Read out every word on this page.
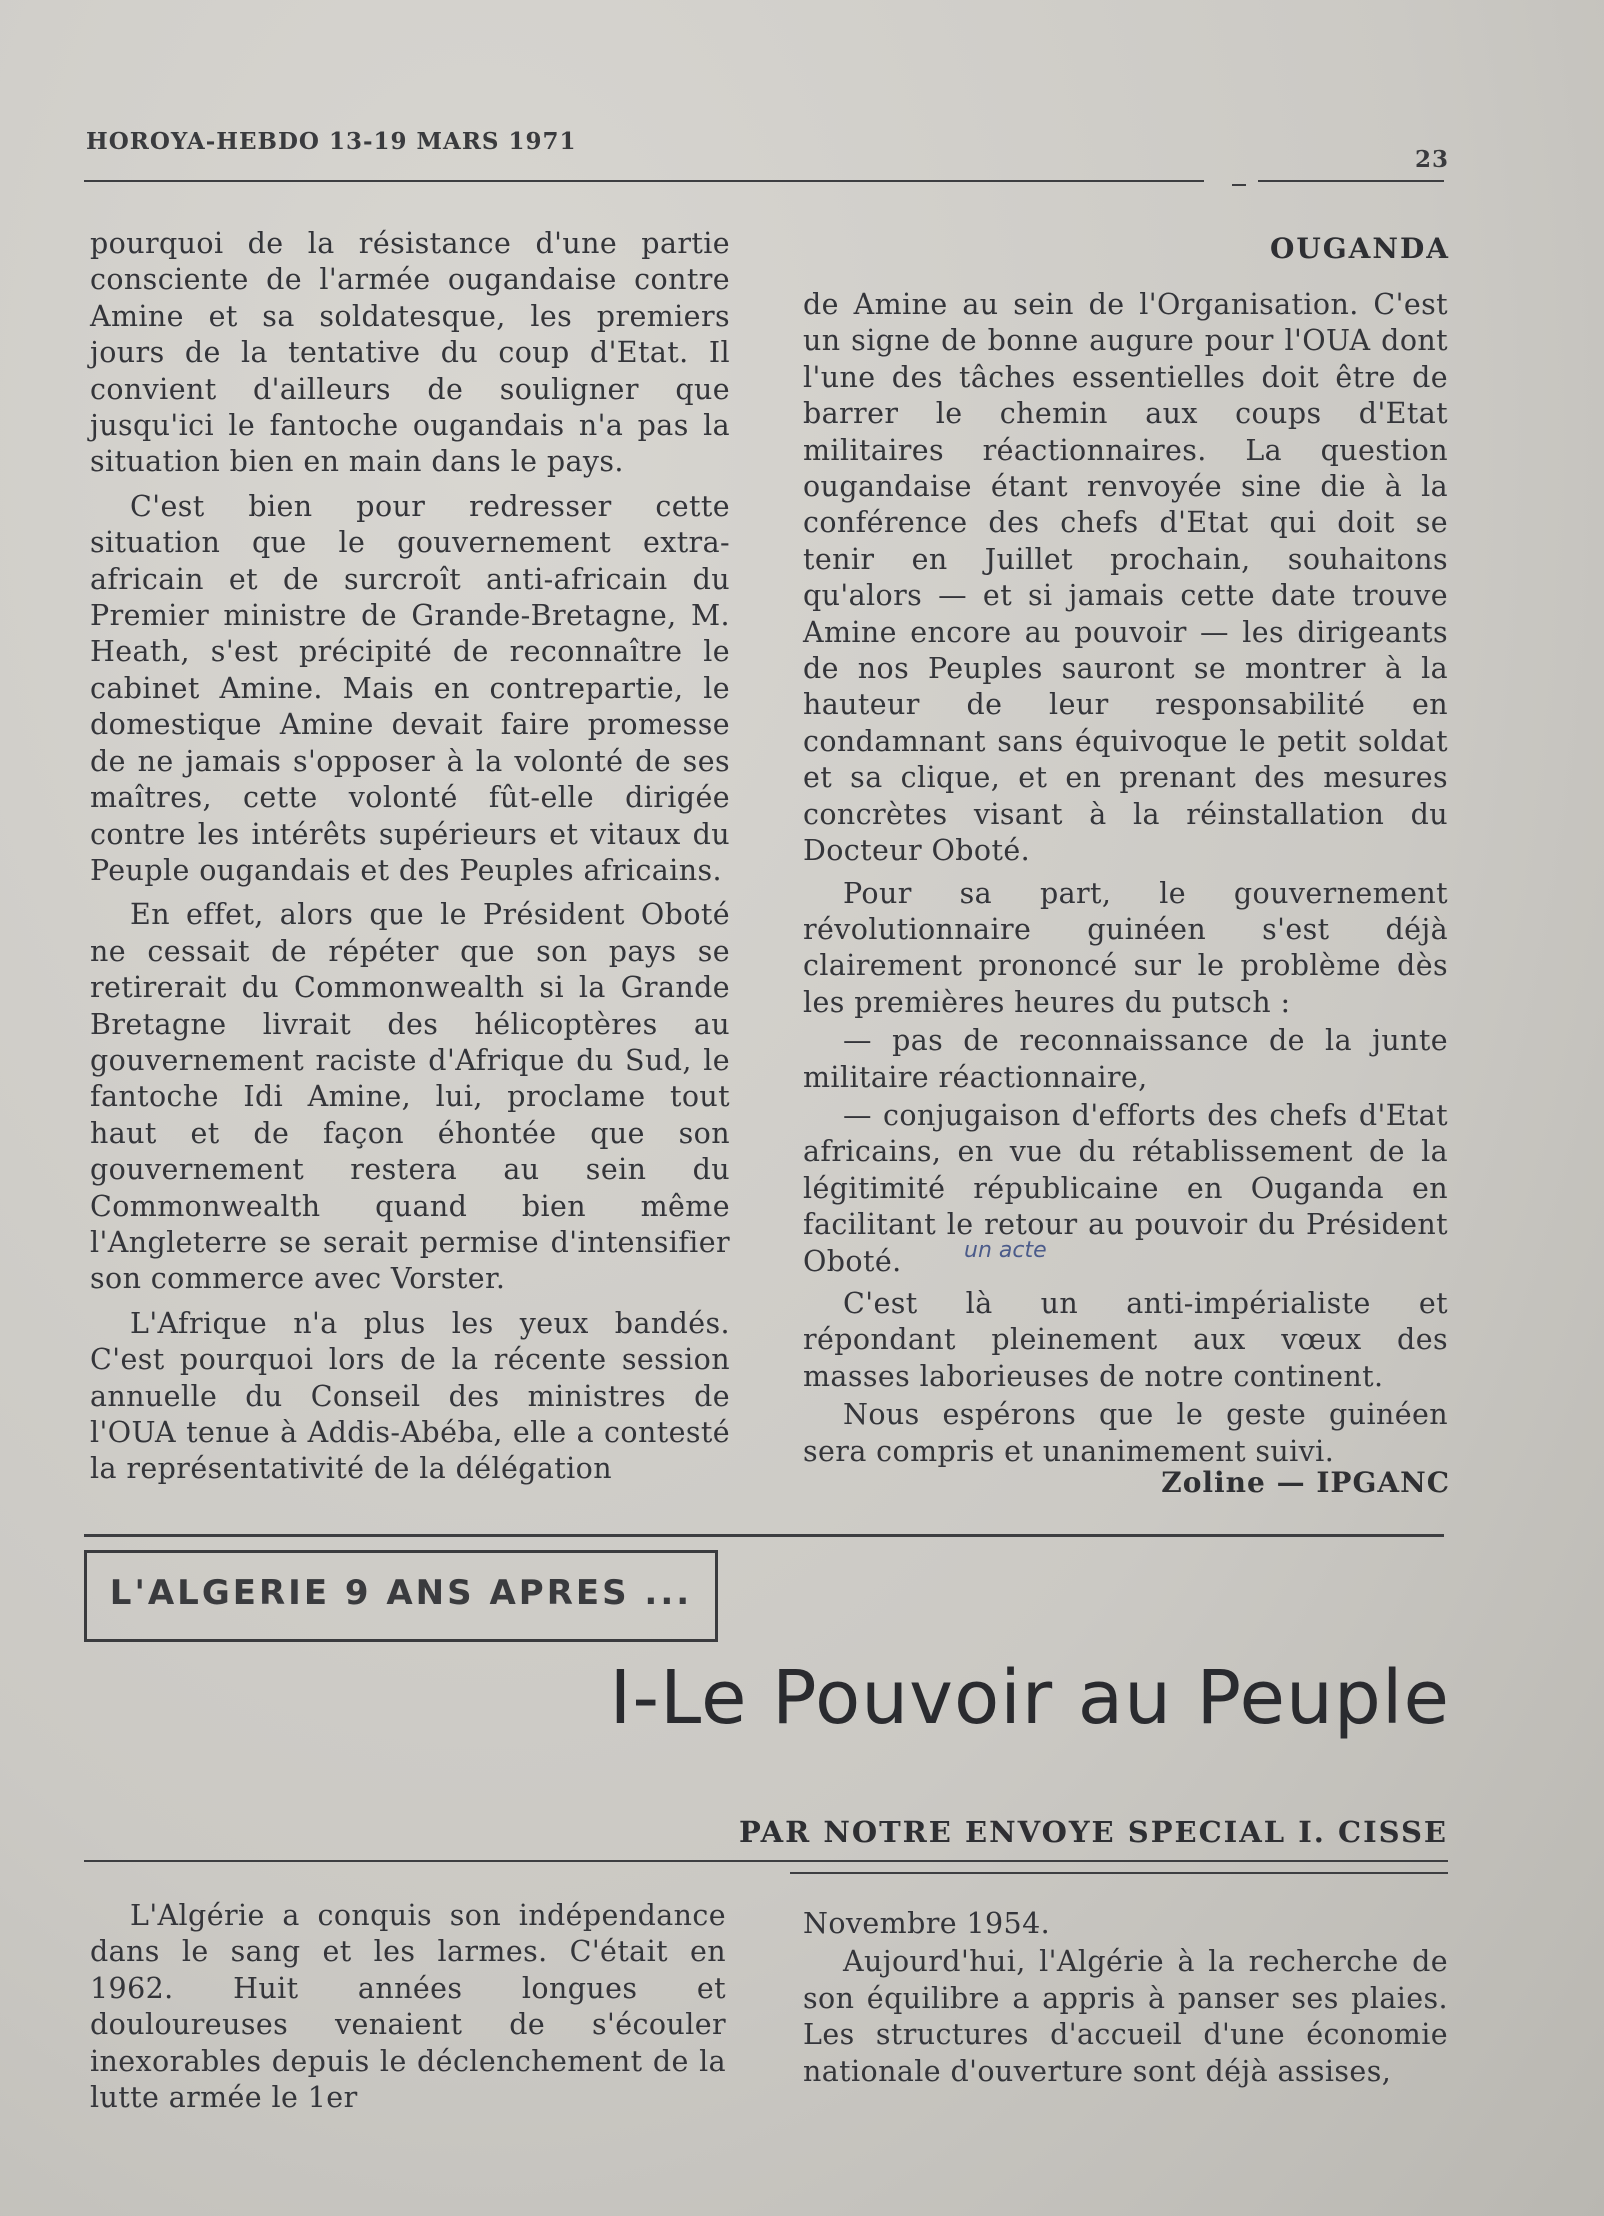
HOROYA-HEBDO 13-19 MARS 1971
23

pourquoi de la résistance d'une partie consciente de l'armée ougandaise contre Amine et sa soldatesque, les premiers jours de la tentative du coup d'Etat. Il convient d'ailleurs de souligner que jusqu'ici le fantoche ougandais n'a pas la situation bien en main dans le pays.

C'est bien pour redresser cette situation que le gouvernement extra-africain et de surcroît anti-africain du Premier ministre de Grande-Bretagne, M. Heath, s'est précipité de reconnaître le cabinet Amine. Mais en contrepartie, le domestique Amine devait faire promesse de ne jamais s'opposer à la volonté de ses maîtres, cette volonté fût-elle dirigée contre les intérêts supérieurs et vitaux du Peuple ougandais et des Peuples africains.

En effet, alors que le Président Oboté ne cessait de répéter que son pays se retirerait du Commonwealth si la Grande Bretagne livrait des hélicoptères au gouvernement raciste d'Afrique du Sud, le fantoche Idi Amine, lui, proclame tout haut et de façon éhontée que son gouvernement restera au sein du Commonwealth quand bien même l'Angleterre se serait permise d'intensifier son commerce avec Vorster.

L'Afrique n'a plus les yeux bandés. C'est pourquoi lors de la récente session annuelle du Conseil des ministres de l'OUA tenue à Addis-Abéba, elle a contesté la représentativité de la délégation

OUGANDA

de Amine au sein de l'Organisation. C'est un signe de bonne augure pour l'OUA dont l'une des tâches essentielles doit être de barrer le chemin aux coups d'Etat militaires réactionnaires. La question ougandaise étant renvoyée sine die à la conférence des chefs d'Etat qui doit se tenir en Juillet prochain, souhaitons qu'alors — et si jamais cette date trouve Amine encore au pouvoir — les dirigeants de nos Peuples sauront se montrer à la hauteur de leur responsabilité en condamnant sans équivoque le petit soldat et sa clique, et en prenant des mesures concrètes visant à la réinstallation du Docteur Oboté.

Pour sa part, le gouvernement révolutionnaire guinéen s'est déjà clairement prononcé sur le problème dès les premières heures du putsch :

— pas de reconnaissance de la junte militaire réactionnaire,

— conjugaison d'efforts des chefs d'Etat africains, en vue du rétablissement de la légitimité républicaine en Ouganda en facilitant le retour au pouvoir du Président Oboté.

C'est là un anti-impérialiste et répondant pleinement aux vœux des masses laborieuses de notre continent.

Nous espérons que le geste guinéen sera compris et unanimement suivi.

un acte
Zoline — IPGANC
L'ALGERIE 9 ANS APRES ...
I-Le Pouvoir au Peuple
PAR NOTRE ENVOYE SPECIAL I. CISSE

L'Algérie a conquis son indépendance dans le sang et les larmes. C'était en 1962. Huit années longues et douloureuses venaient de s'écouler inexorables depuis le déclenchement de la lutte armée le 1er

Novembre 1954.

Aujourd'hui, l'Algérie à la recherche de son équilibre a appris à panser ses plaies. Les structures d'accueil d'une économie nationale d'ouverture sont déjà assises,
